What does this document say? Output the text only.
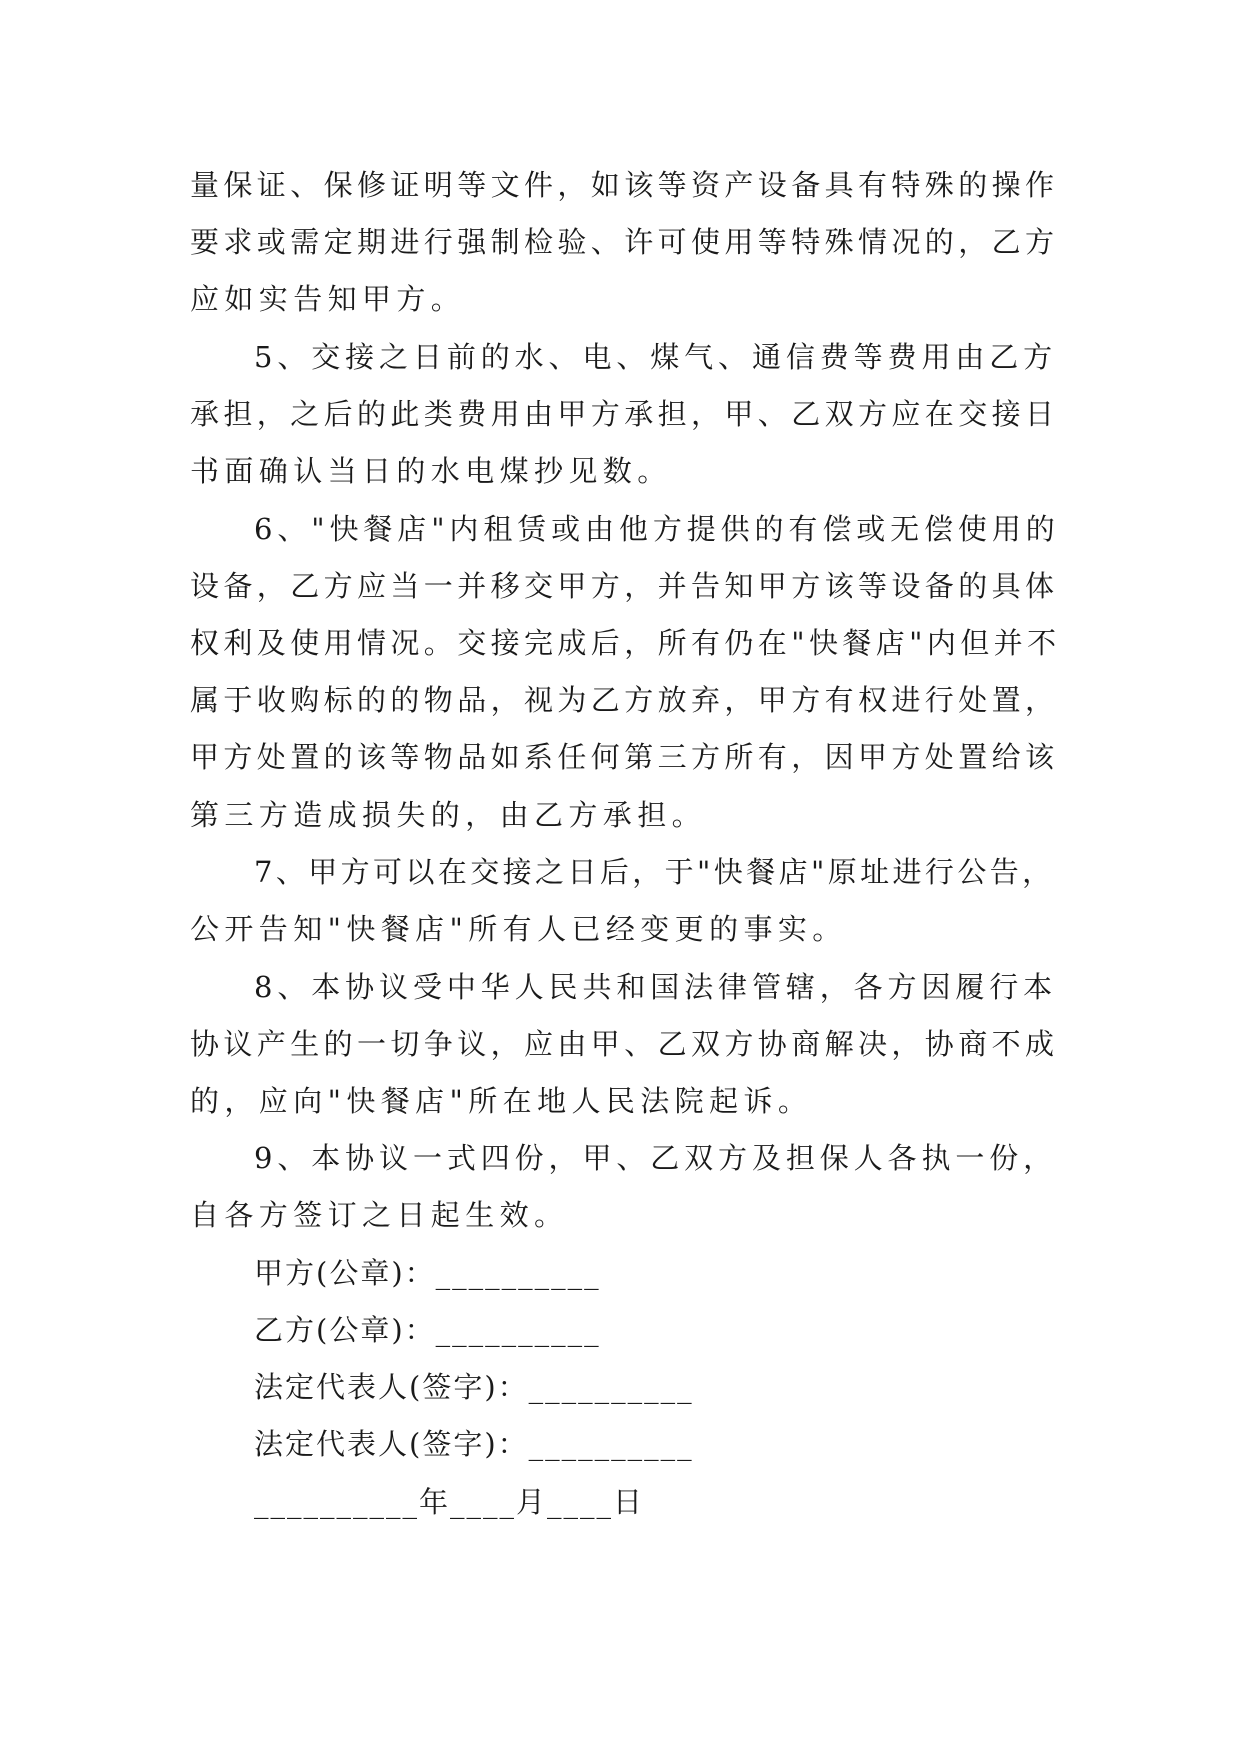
量保证、保修证明等文件，如该等资产设备具有特殊的操作
要求或需定期进行强制检验、许可使用等特殊情况的，乙方
应如实告知甲方。
5、交接之日前的水、电、煤气、通信费等费用由乙方
承担，之后的此类费用由甲方承担，甲、乙双方应在交接日
书面确认当日的水电煤抄见数。
6、"快餐店"内租赁或由他方提供的有偿或无偿使用的
设备，乙方应当一并移交甲方，并告知甲方该等设备的具体
权利及使用情况。交接完成后，所有仍在"快餐店"内但并不
属于收购标的的物品，视为乙方放弃，甲方有权进行处置，
甲方处置的该等物品如系任何第三方所有，因甲方处置给该
第三方造成损失的，由乙方承担。
7、甲方可以在交接之日后，于"快餐店"原址进行公告，
公开告知"快餐店"所有人已经变更的事实。
8、本协议受中华人民共和国法律管辖，各方因履行本
协议产生的一切争议，应由甲、乙双方协商解决，协商不成
的，应向"快餐店"所在地人民法院起诉。
9、本协议一式四份，甲、乙双方及担保人各执一份，
自各方签订之日起生效。
甲方(公章)：__________
乙方(公章)：__________
法定代表人(签字)：__________
法定代表人(签字)：__________
__________年____月____日
